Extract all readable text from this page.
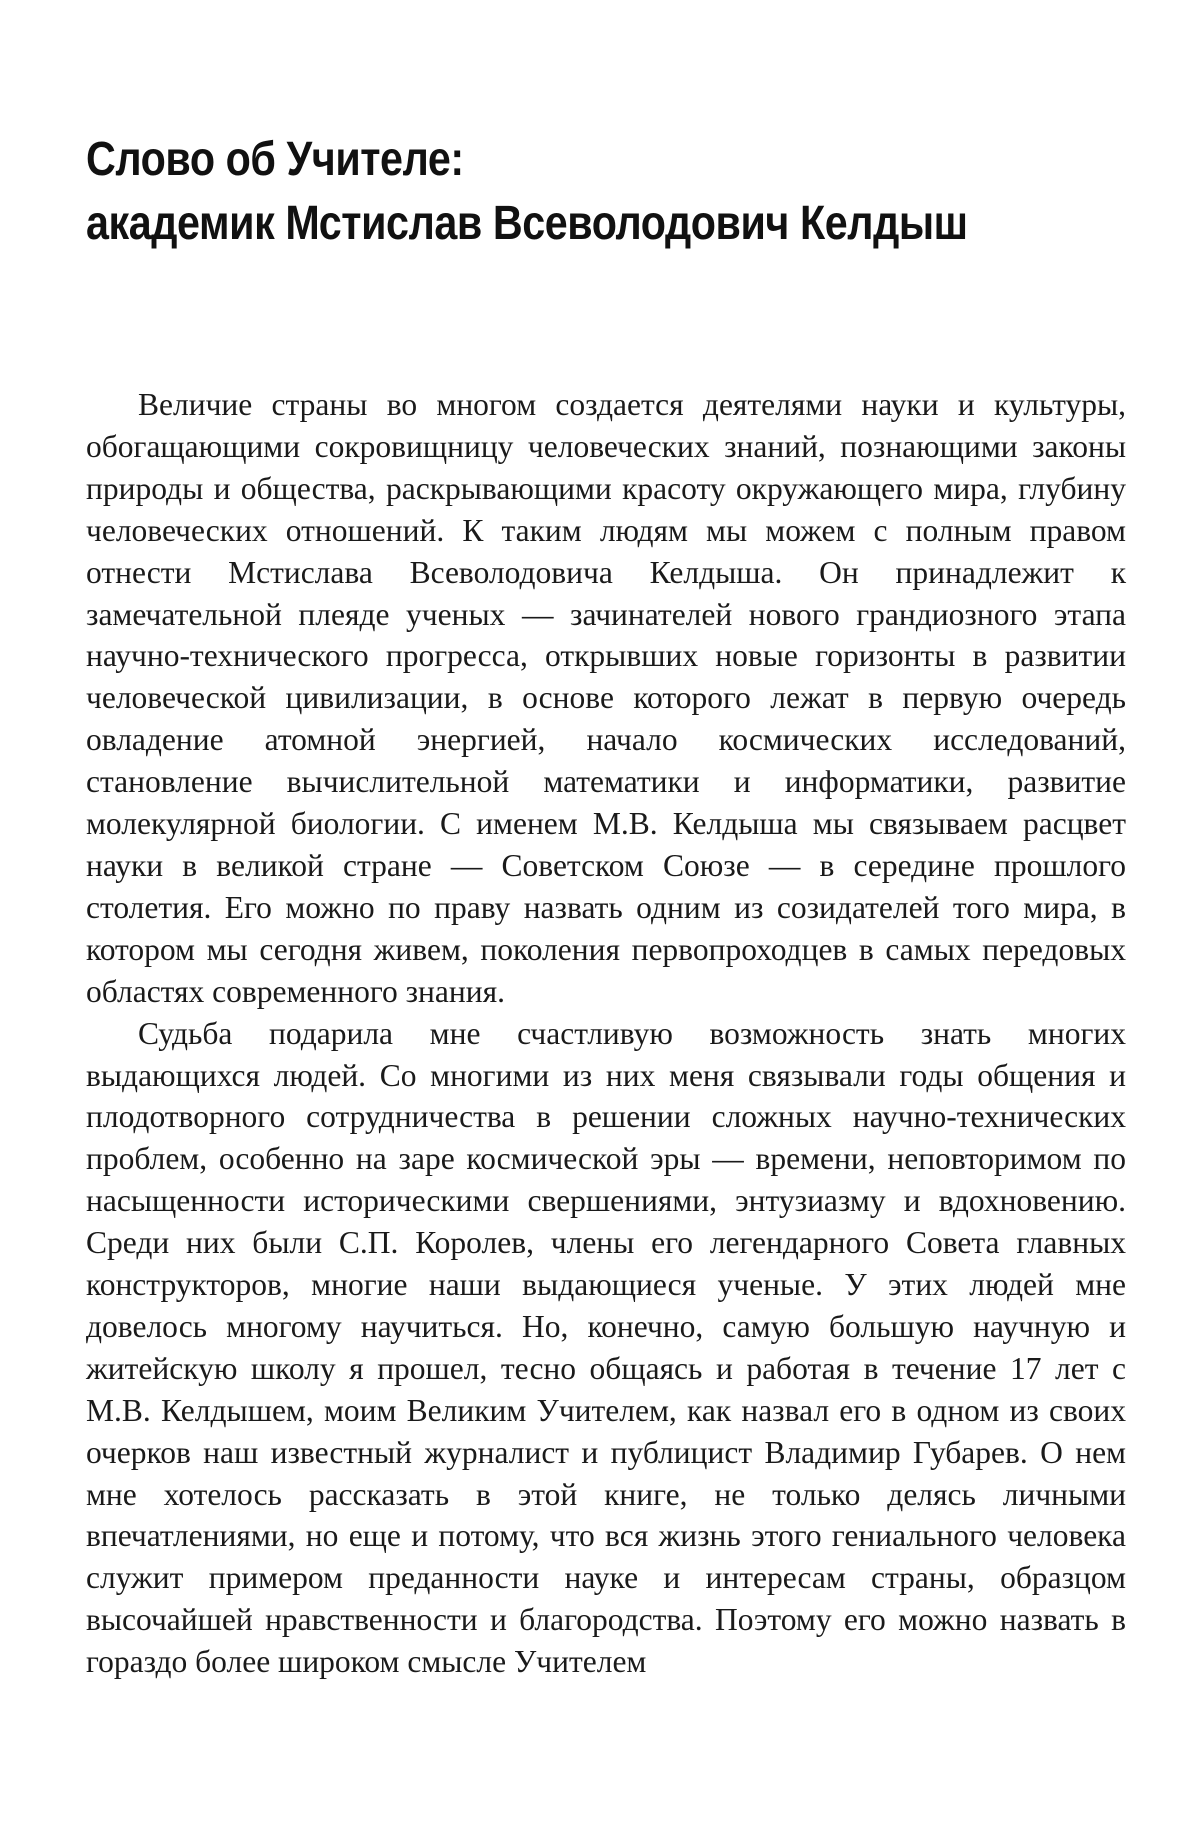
Слово об Учителе:
академик Мстислав Всеволодович Келдыш

Величие страны во многом создается деятелями науки и культуры, обогащающими сокровищницу человеческих знаний, познающими законы природы и общества, раскрывающими красоту окружающего мира, глубину человеческих отношений. К таким людям мы можем с полным правом отнести Мстислава Всеволодовича Келдыша. Он принадлежит к замечательной плеяде ученых — зачинателей нового грандиозного этапа научно-технического прогресса, открывших новые горизонты в развитии человеческой цивилизации, в основе которого лежат в первую очередь овладение атомной энергией, начало космических исследований, становление вычислительной математики и информатики, развитие молекулярной биологии. С именем М.В. Келдыша мы связываем расцвет науки в великой стране — Советском Союзе — в середине прошлого столетия. Его можно по праву назвать одним из созидателей того мира, в котором мы сегодня живем, поколения первопроходцев в самых передовых областях современного знания.

Судьба подарила мне счастливую возможность знать многих выдающихся людей. Со многими из них меня связывали годы общения и плодотворного сотрудничества в решении сложных научно-технических проблем, особенно на заре космической эры — времени, неповторимом по насыщенности историческими свершениями, энтузиазму и вдохновению. Среди них были С.П. Королев, члены его легендарного Совета главных конструкторов, многие наши выдающиеся ученые. У этих людей мне довелось многому научиться. Но, конечно, самую большую научную и житейскую школу я прошел, тесно общаясь и работая в течение 17 лет с М.В. Келдышем, моим Великим Учителем, как назвал его в одном из своих очерков наш известный журналист и публицист Владимир Губарев. О нем мне хотелось рассказать в этой книге, не только делясь личными впечатлениями, но еще и потому, что вся жизнь этого гениального человека служит примером преданности науке и интересам страны, образцом высочайшей нравственности и благородства. Поэтому его можно назвать в гораздо более широком смысле Учителем
